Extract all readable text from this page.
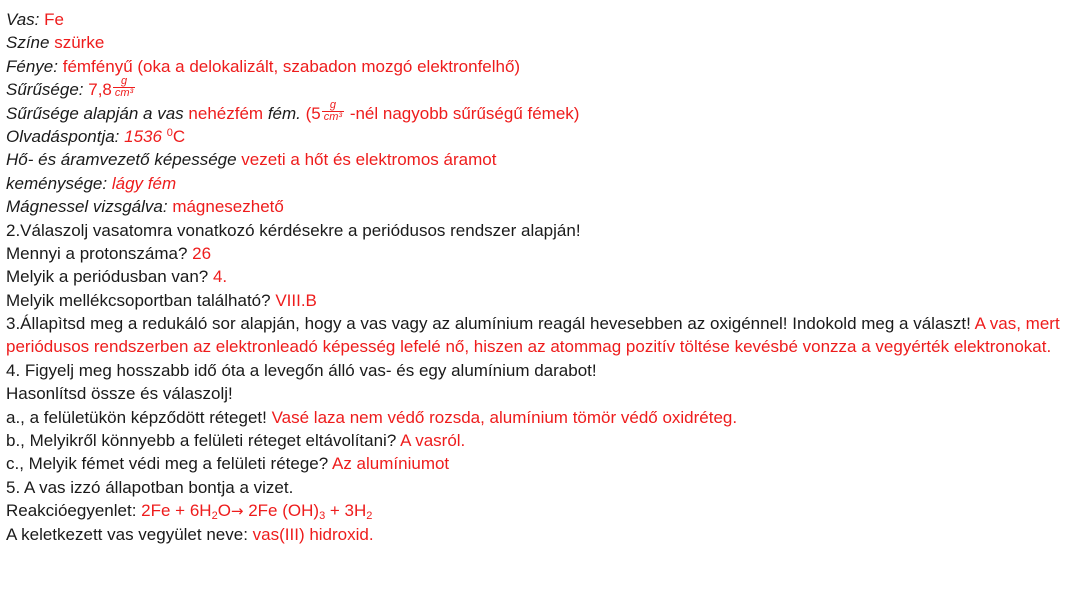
Vas: Fe
Színe szürke
Fénye: fémfényű (oka a delokalizált, szabadon mozgó elektronfelhő)
Sűrűsége: $7,8 \frac{g}{\text{cm³}}$
Sűrűsége alapján a vas nehézfém fém. ($5 \frac{g}{\text{cm³}}$ -nél nagyobb sűrűségű fémek)
Olvadáspontja: 1536 $^0$C
Hő- és áramvezető képessége vezeti a hőt és elektromos áramot
keménysége: lágy fém
Mágnessel vizsgálva: mágnesezhető
2.Válaszolj vasatomra vonatkozó kérdésekre a periódusos rendszer alapján!
Mennyi a protonszáma? 26
Melyik a periódusban van? 4.
Melyik mellékcsoportban található? VIII.B
3.Állapìtsd meg a redukáló sor alapján, hogy a vas vagy az alumínium reagál hevesebben az oxigénnel! Indokold meg a választ! A vas, mert periódusos rendszerben az elektronleadó képesség lefelé nő, hiszen az atommag pozitív töltése kevésbé vonzza a vegyérték elektronokat.
4. Figyelj meg hosszabb idő óta a levegőn álló vas- és egy alumínium darabot!
Hasonlítsd össze és válaszolj!
a., a felületükön képződött réteget! Vasé laza nem védő rozsda, alumínium tömör védő oxidréteg.
b., Melyikről könnyebb a felületi réteget eltávolítani? A vasról.
c., Melyik fémet védi meg a felületi rétege? Az alumíniumot
5. A vas izzó állapotban bontja a vizet.
Reakcióegyenlet: $2Fe + 6H_2O\to 2Fe$ $(OH)_3 + 3H_2$
A keletkezett vas vegyület neve: vas(III) hidroxid.
